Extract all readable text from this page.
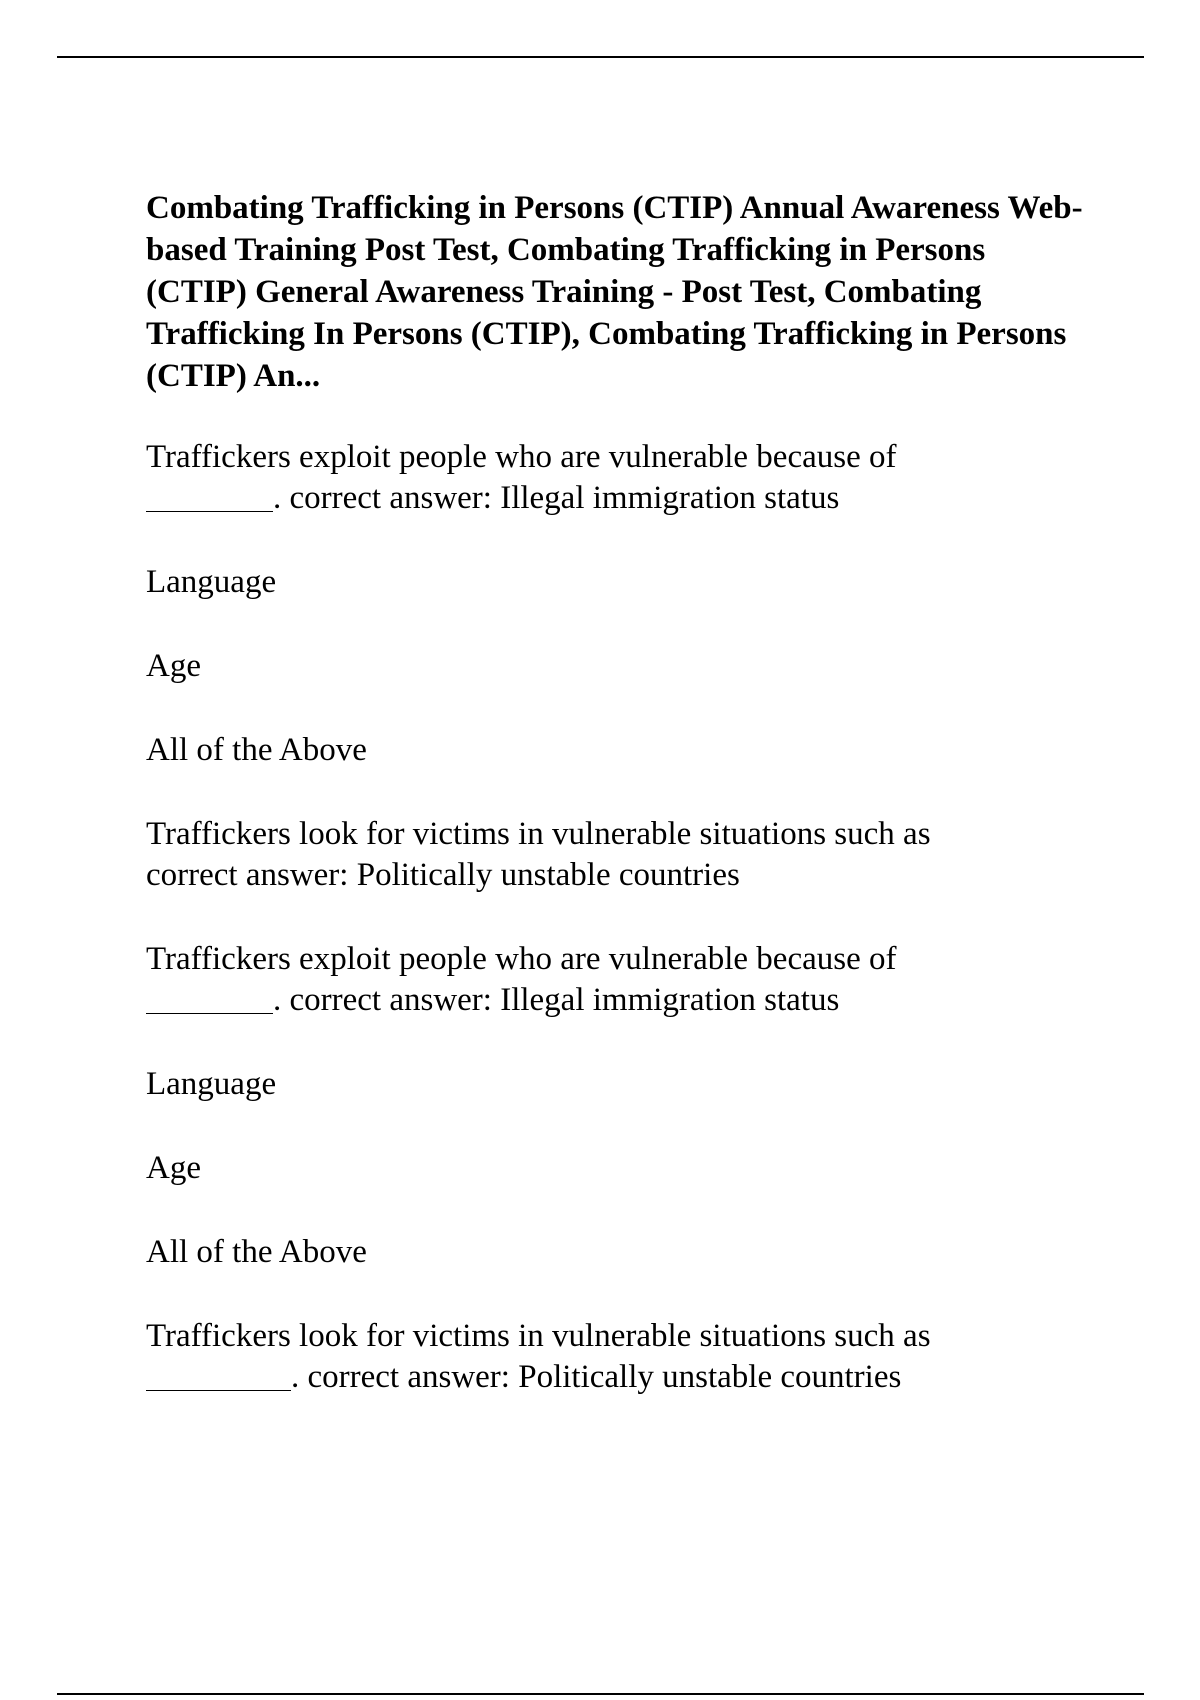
Combating Trafficking in Persons (CTIP) Annual Awareness Web-based Training Post Test, Combating Trafficking in Persons (CTIP) General Awareness Training - Post Test, Combating Trafficking In Persons (CTIP), Combating Trafficking in Persons (CTIP) An...
Traffickers exploit people who are vulnerable because of
. correct answer: Illegal immigration status
Language
Age
All of the Above
Traffickers look for victims in vulnerable situations such as
correct answer: Politically unstable countries
Traffickers exploit people who are vulnerable because of
. correct answer: Illegal immigration status
Language
Age
All of the Above
Traffickers look for victims in vulnerable situations such as
. correct answer: Politically unstable countries
